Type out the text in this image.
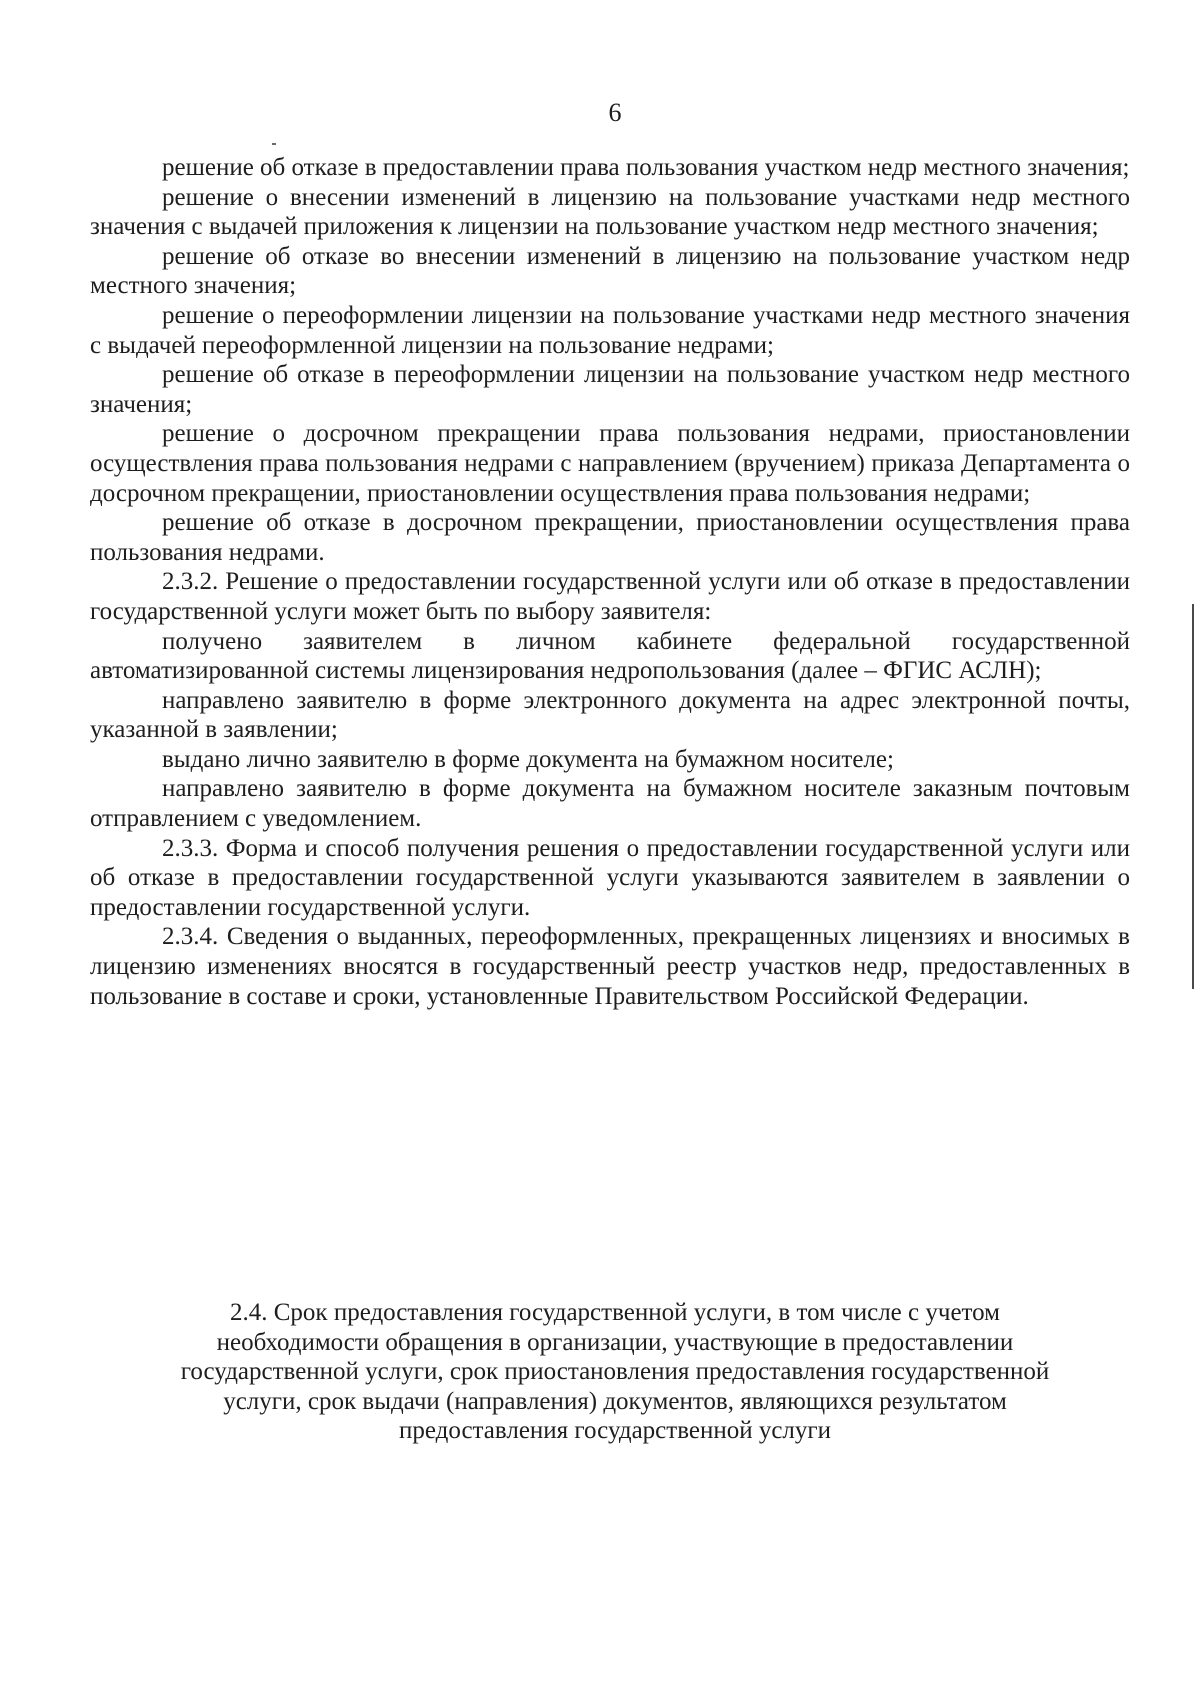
6

решение об отказе в предоставлении права пользования участком недр местного значения;

решение о внесении изменений в лицензию на пользование участками недр местного значения с выдачей приложения к лицензии на пользование участком недр местного значения;

решение об отказе во внесении изменений в лицензию на пользование участком недр местного значения;

решение о переоформлении лицензии на пользование участками недр местного значения с выдачей переоформленной лицензии на пользование недрами;

решение об отказе в переоформлении лицензии на пользование участком недр местного значения;

решение о досрочном прекращении права пользования недрами, приостановлении осуществления права пользования недрами с направлением (вручением) приказа Департамента о досрочном прекращении, приостановлении осуществления права пользования недрами;

решение об отказе в досрочном прекращении, приостановлении осуществления права пользования недрами.

2.3.2. Решение о предоставлении государственной услуги или об отказе в предоставлении государственной услуги может быть по выбору заявителя:

получено заявителем в личном кабинете федеральной государственной автоматизированной системы лицензирования недропользования (далее – ФГИС АСЛН);

направлено заявителю в форме электронного документа на адрес электронной почты, указанной в заявлении;

выдано лично заявителю в форме документа на бумажном носителе;

направлено заявителю в форме документа на бумажном носителе заказным почтовым отправлением с уведомлением.

2.3.3. Форма и способ получения решения о предоставлении государственной услуги или об отказе в предоставлении государственной услуги указываются заявителем в заявлении о предоставлении государственной услуги.

2.3.4. Сведения о выданных, переоформленных, прекращенных лицензиях и вносимых в лицензию изменениях вносятся в государственный реестр участков недр, предоставленных в пользование в составе и сроки, установленные Правительством Российской Федерации.

2.4. Срок предоставления государственной услуги, в том числе с учетом
необходимости обращения в организации, участвующие в предоставлении
государственной услуги, срок приостановления предоставления государственной
услуги, срок выдачи (направления) документов, являющихся результатом
предоставления государственной услуги
